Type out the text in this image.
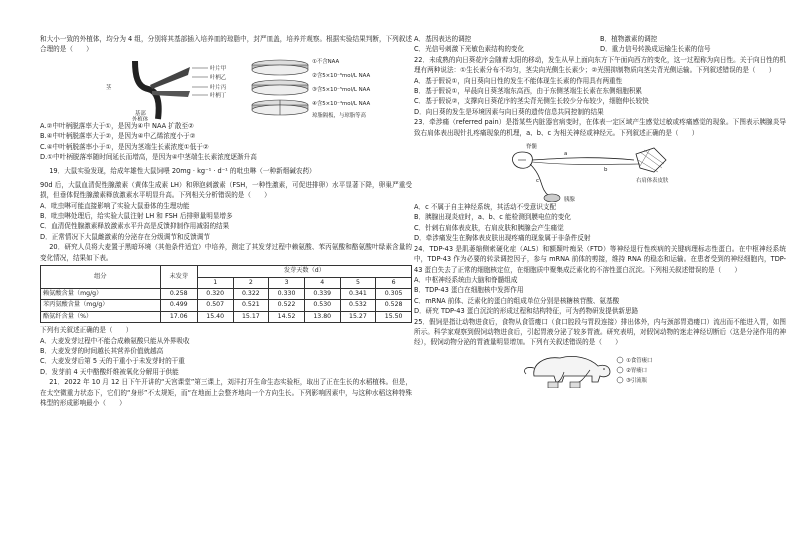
和大小一致的外植体，均分为 4 组，分别将其基部插入培养皿的琼脂中，封严皿盖，培养并观察。根据实验结果判断，下列叙述合理的是（　　）

叶片甲
叶柄乙
叶片丙
叶柄丁
茎
基部
外植体
①不含NAA
②含5×10⁻⁶mol/L NAA
③含5×10⁻⁵mol/L NAA
④含5×10⁻⁴mol/L NAA
琼脂隔板，与琼脂等高

A.②中叶柄脱落率大于①，是因为④中 NAA 扩散至②

B.④中叶柄脱落率大于②，是因为④中乙烯浓度小于②

C.④中叶柄脱落率小于①，是因为茎端生长素浓度①低于②

D.①中叶柄脱落率随时间延长而增高，是因为④中茎端生长素浓度逐渐升高

19．大鼠实验发现，给成年雄性大鼠饲喂 20mg · kg⁻¹ · d⁻¹ 的吡虫啉（一种新烟碱农药）

90d 后，大鼠血清促性腺激素（黄体生成素 LH）和卵泡刺激素（FSH，一种性激素，可促进排卵）水平显著下降，卵巢严重受损，但垂体促性腺激素释放激素水平明显升高。下列相关分析错误的是（　　）

A．吡虫啉可能直接影响了实验大鼠垂体的生理功能

B．吡虫啉处理后，给实验大鼠注射 LH 和 FSH 后排卵量明显增多

C．血清促性腺激素释放激素水平升高是反馈抑制作用减弱的结果

D．正常情况下大鼠雌激素的分泌存在分级调节和反馈调节

20．研究人员将大麦置于黑暗环境（其他条件适宜）中培养，测定了其发芽过程中赖氨酸、苯丙氨酸和酪氨酸叶绿素含量的变化情况，结果如下表。

组分	未发芽	发芽天数（d）					
		1	2	3	4	5	6
赖氨酸含量（mg/g）	0.258	0.320	0.322	0.330	0.339	0.341	0.305
苯丙氨酸含量（mg/g）	0.499	0.507	0.521	0.522	0.530	0.532	0.528
酪氨纤含量（%）	17.06	15.40	15.17	14.52	13.80	15.27	15.50

下列有关叙述正确的是（　　）

A．大麦发芽过程中不能合成赖氨酸只能从外界吸收

B．大麦发芽的时间越长其营养价值就越高

C．大麦发芽后第 5 天的干重小于未发芽时的干重

D．发芽前 4 天中酪酸纤维被氧化分解用于供能

21．2022 年 10 月 12 日下午开讲的“天宫课堂”第三课上，刘洋打开生命生态实验柜，取出了正在生长的水稻植株。但是，在太空微重力状态下，它们的“身形”不太规矩，而“在地面上会整齐地向一个方向生长。下列影响因素中，与这种水稻这种特殊株型的形成影响最小（　　）

A．基因表达的调控	B．植物激素的调控

C．光信号刺激下光敏色素结构的变化	D．重力信号转换成运输生长素的信号

22．未成熟的向日葵花序会随着太阳的移动，发生从早上面向东方下午面向西方的变化，这一过程称为向日性。关于向日性的机理有两种说法：①生长素分布不均匀，茎尖向光侧生长素少；②光照抑制物质向茎尖背光侧运输。下列叙述错误的是（　　）

A．基于假说①，向日葵向日性的发生不能体现生长素的作用具有两重性

B．基于假说①，早晨向日葵茎端东高西，由于东侧茎端生长素在东侧细胞积累

C．基于假说②，支撑向日葵花序的茎尖背光侧生长较少分布较少，细胞伸长较快

D．向日葵的发生是环境因素与向日葵的遗传信息共同控制的结果

23．牵涉痛（referred pain）是指某些内脏器官病变时，在体表一定区域产生感觉过敏或疼痛感觉的现象。下图表示胰腺炎导致右肩体表出现针扎疼痛现象的机理，a、b、c 为相关神经或神经元。下列叙述正确的是（　　）

脊髓
a
b
c	右肩体表皮肤
胰腺

A．c 不属于自主神经系统，其活动不受意识支配

B．胰腺出现炎症时，a、b、c 能检测到膜电位的变化

C．针刺右肩体表皮肤，右肩皮肤和胰腺会产生痛觉

D．牵涉痛发生在胸体表皮肤出现疼痛的现象属于非条件反射

24．TDP-43 是肌萎缩侧索硬化症（ALS）和额颞叶痴呆（FTD）等神经退行性疾病的关键病理标志性蛋白。在中枢神经系统中，TDP-43 作为必要的转录调控因子，参与 mRNA 前体的剪接，维持 RNA 的稳态和运输。在患者受到的神经细胞内，TDP-43 蛋白失去了正常的细胞核定位，在细胞质中聚集成泛素化的不溶性蛋白沉淀。下列相关叙述错误的是（　　）

A．中枢神经系统由大脑和脊髓组成

B．TDP-43 蛋白在细胞核中发挥作用

C．mRNA 前体、泛素化的蛋白的组成单位分别是核糖核苷酸、氨基酸

D．研究 TDP-43 蛋白沉淀的形成过程和结构特征，可为药物研发提供新思路

25．假饲是指让动物进食后，食物从食管瘘口（食口腔段与胃段连接）排出体外，内与颈部胃造瘘口）流出而不能进入胃，如图所示。科学家观察到假饲动物进食后，引起胃液分泌了较多胃液。研究表明，对假饲动物的迷走神经切断后（这是分泌作用的神经），假饲动物分泌的胃液量明显增加。下列有关叙述错误的是（　　）

①食管瘘口
②胃瘘口
③引流瓶
